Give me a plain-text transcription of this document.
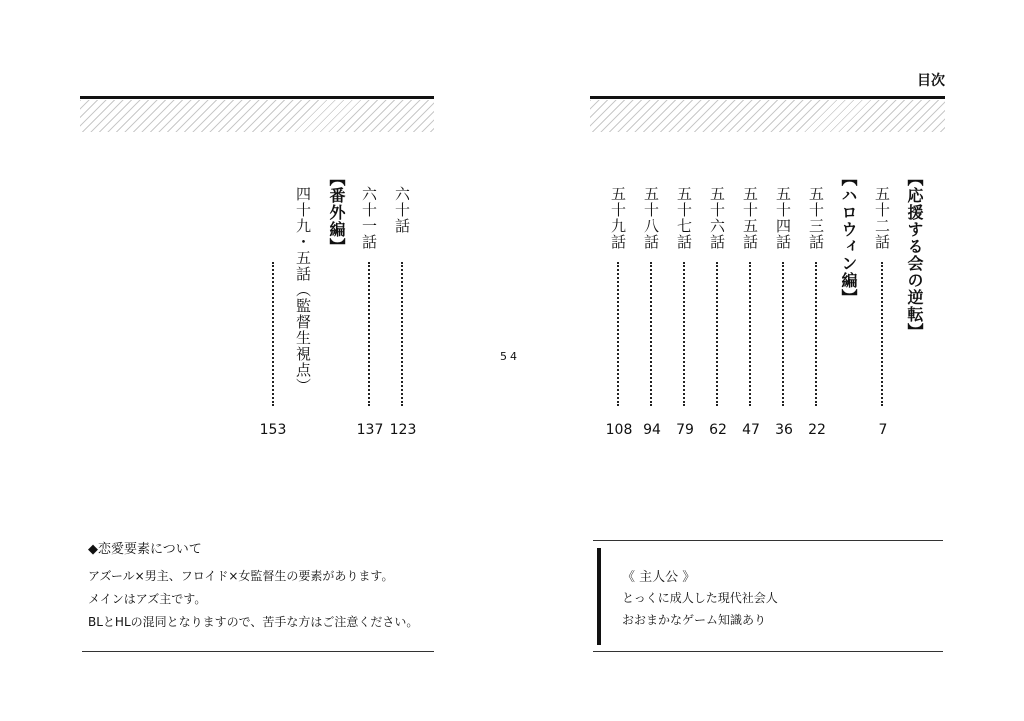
目次
54
【応援する会の逆転】
【ハロウィン編】 五十二話
7
五十三話
22
五十四話
36
五十五話
47
五十六話
62
五十七話
79
五十八話
94
五十九話
108
六十話
123
六十一話
137
【番外編】
四十九・五話（監督生視点）
153
◆恋愛要素について
アズール×男主、フロイド×女監督生の要素があります。
メインはアズ主です。
BLとHLの混同となりますので、苦手な方はご注意ください。
《 主人公 》
とっくに成人した現代社会人
おおまかなゲーム知識あり
